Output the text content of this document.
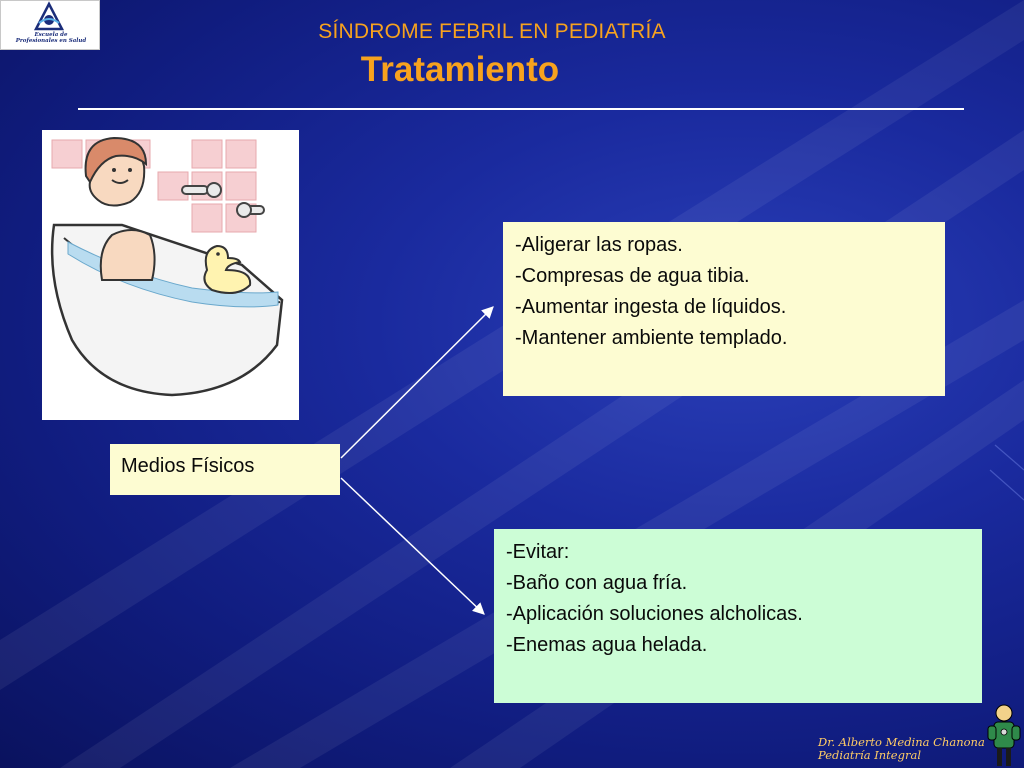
Escuela de
Profesionales en Salud	SÍNDROME FEBRIL EN PEDIATRÍA
Tratamiento
Medios Físicos
-Aligerar las ropas.
-Compresas de agua tibia.
-Aumentar ingesta de líquidos.
-Mantener ambiente templado.
-Evitar:
-Baño con agua fría.
-Aplicación soluciones alcholicas.
-Enemas agua helada.
Dr. Alberto Medina Chanona
Pediatría Integral
